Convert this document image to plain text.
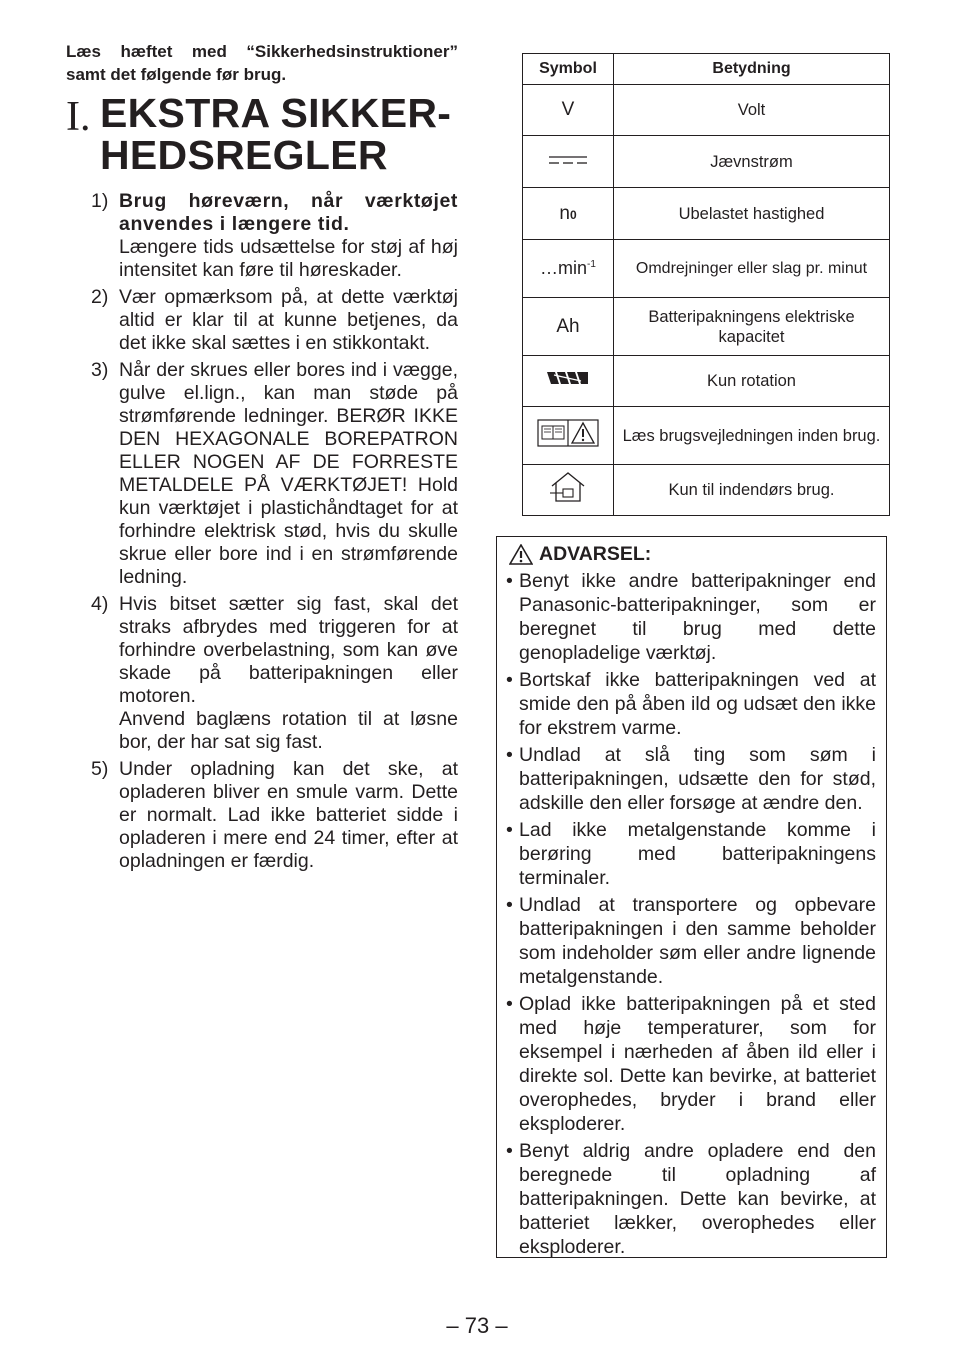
Læs hæftet med “Sikkerhedsinstruktioner” samt det følgende før brug.

I. EKSTRA SIKKER-HEDSREGLER
1) Brug høreværn, når værktøjet anvendes i længere tid.
Længere tids udsættelse for støj af høj intensitet kan føre til høreskader.
2) Vær opmærksom på, at dette værktøj altid er klar til at kunne betjenes, da det ikke skal sættes i en stikkontakt.
3) Når der skrues eller bores ind i vægge, gulve el.lign., kan man støde på strømførende ledninger. BERØR IKKE DEN HEXAGONALE BOREPATRON ELLER NOGEN AF DE FORRESTE METALDELE PÅ VÆRKTØJET! Hold kun værktøjet i plastichåndtaget for at forhindre elektrisk stød, hvis du skulle skrue eller bore ind i en strømførende ledning.
4) Hvis bitset sætter sig fast, skal det straks afbrydes med triggeren for at forhindre overbelastning, som kan øve skade på batteripakningen eller motoren.
Anvend baglæns rotation til at løsne bor, der har sat sig fast.
5) Under opladning kan det ske, at opladeren bliver en smule varm. Dette er normalt. Lad ikke batteriet sidde i opladeren i mere end 24 timer, efter at opladningen er færdig.
Symbol	Betydning
V	Volt
	Jævnstrøm
n0	Ubelastet hastighed
$\dots\min^{-1}$	Omdrejninger eller slag pr. minut
Ah	Batteripakningens elektriske kapacitet
	Kun rotation
	Læs brugsvejledningen inden brug.
	Kun til indendørs brug.
ADVARSEL:
• Benyt ikke andre batteripakninger end Panasonic-batteripakninger, som er beregnet til brug med dette genopladelige værktøj.
• Bortskaf ikke batteripakningen ved at smide den på åben ild og udsæt den ikke for ekstrem varme.
• Undlad at slå ting som søm i batteripakningen, udsætte den for stød, adskille den eller forsøge at ændre den.
• Lad ikke metalgenstande komme i berøring med batteripakningens terminaler.
• Undlad at transportere og opbevare batteripakningen i den samme beholder som indeholder søm eller andre lignende metalgenstande.
• Oplad ikke batteripakningen på et sted med høje temperaturer, som for eksempel i nærheden af åben ild eller i direkte sol. Dette kan bevirke, at batteriet overophedes, bryder i brand eller eksploderer.
• Benyt aldrig andre opladere end den beregnede til opladning af batteripakningen. Dette kan bevirke, at batteriet lækker, overophedes eller eksploderer.
– 73 –
